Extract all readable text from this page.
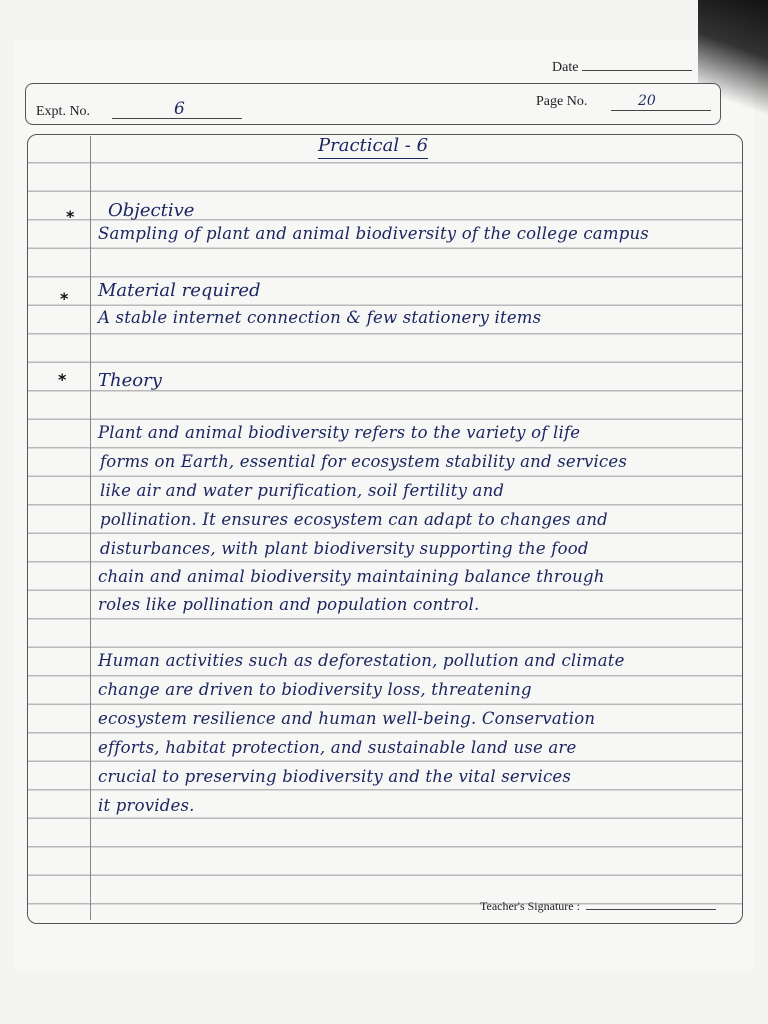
Date
Expt. No.	6	Page No.	20
Practical - 6
* Objective
Sampling of plant and animal biodiversity of the college campus
* Material required
A stable internet connection & few stationery items
* Theory
Plant and animal biodiversity refers to the variety of life
forms on Earth, essential for ecosystem stability and services
like air and water purification, soil fertility and
pollination. It ensures ecosystem can adapt to changes and
disturbances, with plant biodiversity supporting the food
chain and animal biodiversity maintaining balance through
roles like pollination and population control.
Human activities such as deforestation, pollution and climate
change are driven to biodiversity loss, threatening
ecosystem resilience and human well-being. Conservation
efforts, habitat protection, and sustainable land use are
crucial to preserving biodiversity and the vital services
it provides.
Teacher's Signature :
